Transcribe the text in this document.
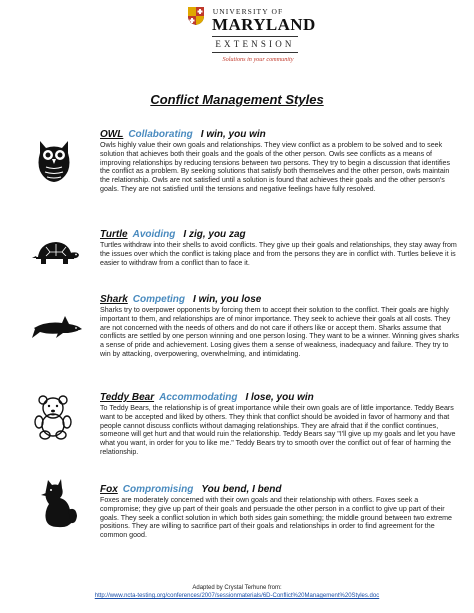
UNIVERSITY OF
MARYLAND
EXTENSION
Solutions in your community
Conflict Management Styles
OWL Collaborating I win, you win
Owls highly value their own goals and relationships. They view conflict as a problem to be solved and to seek solution that achieves both their goals and the goals of the other person. Owls see conflicts as a means of improving relationships by reducing tensions between two persons. They try to begin a discussion that identifies the conflict as a problem. By seeking solutions that satisfy both themselves and the other person, owls maintain the relationship. Owls are not satisfied until a solution is found that achieves their goals and the other person's goals. They are not satisfied until the tensions and negative feelings have fully resolved.
Turtle Avoiding I zig, you zag
Turtles withdraw into their shells to avoid conflicts. They give up their goals and relationships, they stay away from the issues over which the conflict is taking place and from the persons they are in conflict with. Turtles believe it is easier to withdraw from a conflict than to face it.
Shark Competing I win, you lose
Sharks try to overpower opponents by forcing them to accept their solution to the conflict. Their goals are highly important to them, and relationships are of minor importance. They seek to achieve their goals at all costs. They are not concerned with the needs of others and do not care if others like or accept them. Sharks assume that conflicts are settled by one person winning and one person losing. They want to be a winner. Winning gives sharks a sense of pride and achievement. Losing gives them a sense of weakness, inadequacy and failure. They try to win by attacking, overpowering, overwhelming, and intimidating.
Teddy Bear Accommodating I lose, you win
To Teddy Bears, the relationship is of great importance while their own goals are of little importance. Teddy Bears want to be accepted and liked by others. They think that conflict should be avoided in favor of harmony and that people cannot discuss conflicts without damaging relationships. They are afraid that if the conflict continues, someone will get hurt and that would ruin the relationship. Teddy Bears say "I'll give up my goals and let you have what you want, in order for you to like me." Teddy Bears try to smooth over the conflict out of fear of harming the relationship.
Fox Compromising You bend, I bend
Foxes are moderately concerned with their own goals and their relationship with others. Foxes seek a compromise; they give up part of their goals and persuade the other person in a conflict to give up part of their goals. They seek a conflict solution in which both sides gain something; the middle ground between two extreme positions. They are willing to sacrifice part of their goals and relationships in order to find agreement for the common good.
Adapted by Crystal Terhune from:
http://www.ncta-testing.org/conferences/2007/sessionmaterials/6D-Conflict%20Management%20Styles.doc
